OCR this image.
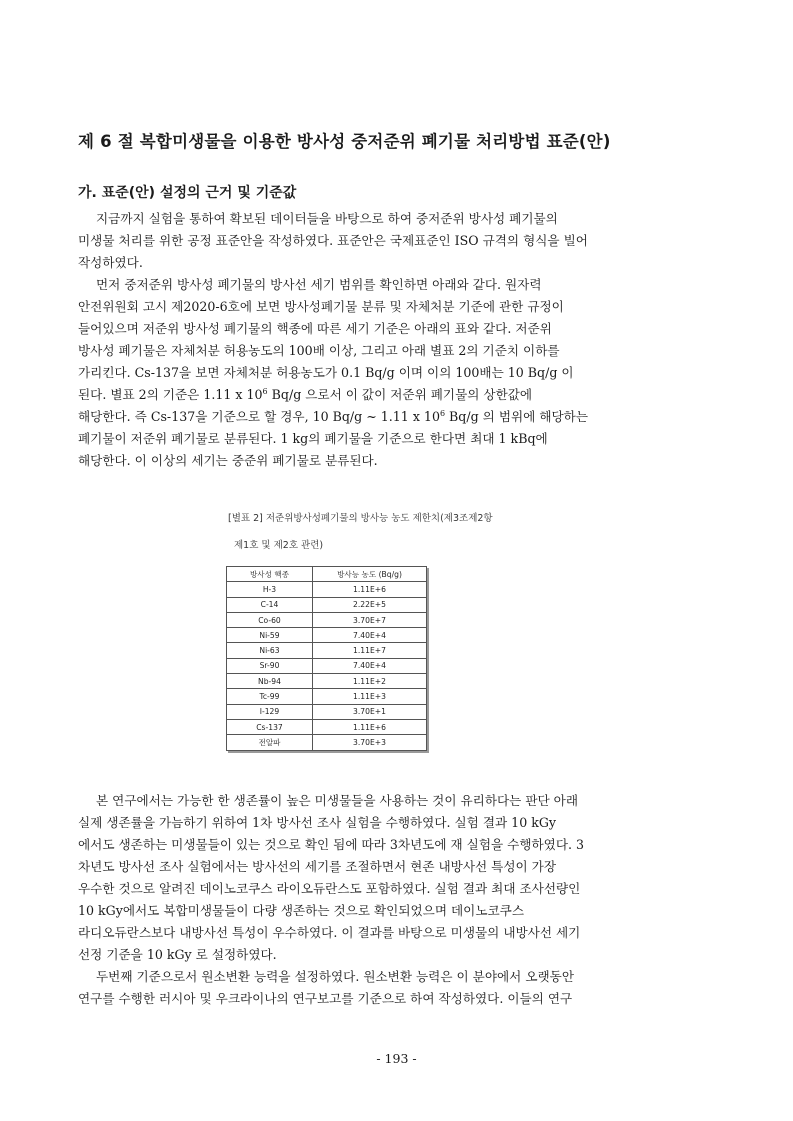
제 6 절 복합미생물을 이용한 방사성 중저준위 폐기물 처리방법 표준(안)
가. 표준(안) 설정의 근거 및 기준값
지금까지 실험을 통하여 확보된 데이터들을 바탕으로 하여 중저준위 방사성 폐기물의
미생물 처리를 위한 공정 표준안을 작성하였다. 표준안은 국제표준인 ISO 규격의 형식을 빌어
작성하였다.
먼저 중저준위 방사성 폐기물의 방사선 세기 범위를 확인하면 아래와 같다. 원자력
안전위원회 고시 제2020-6호에 보면 방사성폐기물 분류 및 자체처분 기준에 관한 규정이
들어있으며 저준위 방사성 폐기물의 핵종에 따른 세기 기준은 아래의 표와 같다. 저준위
방사성 폐기물은 자체처분 허용농도의 100배 이상, 그리고 아래 별표 2의 기준치 이하를
가리킨다. Cs-137을 보면 자체처분 허용농도가 0.1 Bq/g 이며 이의 100배는 10 Bq/g 이
된다. 별표 2의 기준은 1.11 x $10^6$ Bq/g 으로서 이 값이 저준위 폐기물의 상한값에
해당한다. 즉 Cs-137을 기준으로 할 경우, 10 Bq/g ~ 1.11 x $10^6$ Bq/g 의 범위에 해당하는
폐기물이 저준위 폐기물로 분류된다. 1 kg의 폐기물을 기준으로 한다면 최대 1 kBq에
해당한다. 이 이상의 세기는 중준위 폐기물로 분류된다.
[별표 2] 저준위방사성폐기물의 방사능 농도 제한치(제3조제2항
제1호 및 제2호 관련)
방사성 핵종	방사능 농도 (Bq/g)
H-3	1.11E+6
C-14	2.22E+5
Co-60	3.70E+7
Ni-59	7.40E+4
Ni-63	1.11E+7
Sr-90	7.40E+4
Nb-94	1.11E+2
Tc-99	1.11E+3
I-129	3.70E+1
Cs-137	1.11E+6
전알파	3.70E+3
본 연구에서는 가능한 한 생존률이 높은 미생물들을 사용하는 것이 유리하다는 판단 아래
실제 생존률을 가늠하기 위하여 1차 방사선 조사 실험을 수행하였다. 실험 결과 10 kGy
에서도 생존하는 미생물들이 있는 것으로 확인 됨에 따라 3차년도에 재 실험을 수행하였다. 3
차년도 방사선 조사 실험에서는 방사선의 세기를 조절하면서 현존 내방사선 특성이 가장
우수한 것으로 알려진 데이노코쿠스 라이오듀란스도 포함하였다. 실험 결과 최대 조사선량인
10 kGy에서도 복합미생물들이 다량 생존하는 것으로 확인되었으며 데이노코쿠스
라디오듀란스보다 내방사선 특성이 우수하였다. 이 결과를 바탕으로 미생물의 내방사선 세기
선정 기준을 10 kGy 로 설정하였다.
두번째 기준으로서 원소변환 능력을 설정하였다. 원소변환 능력은 이 분야에서 오랫동안
연구를 수행한 러시아 및 우크라이나의 연구보고를 기준으로 하여 작성하였다. 이들의 연구
- 193 -
